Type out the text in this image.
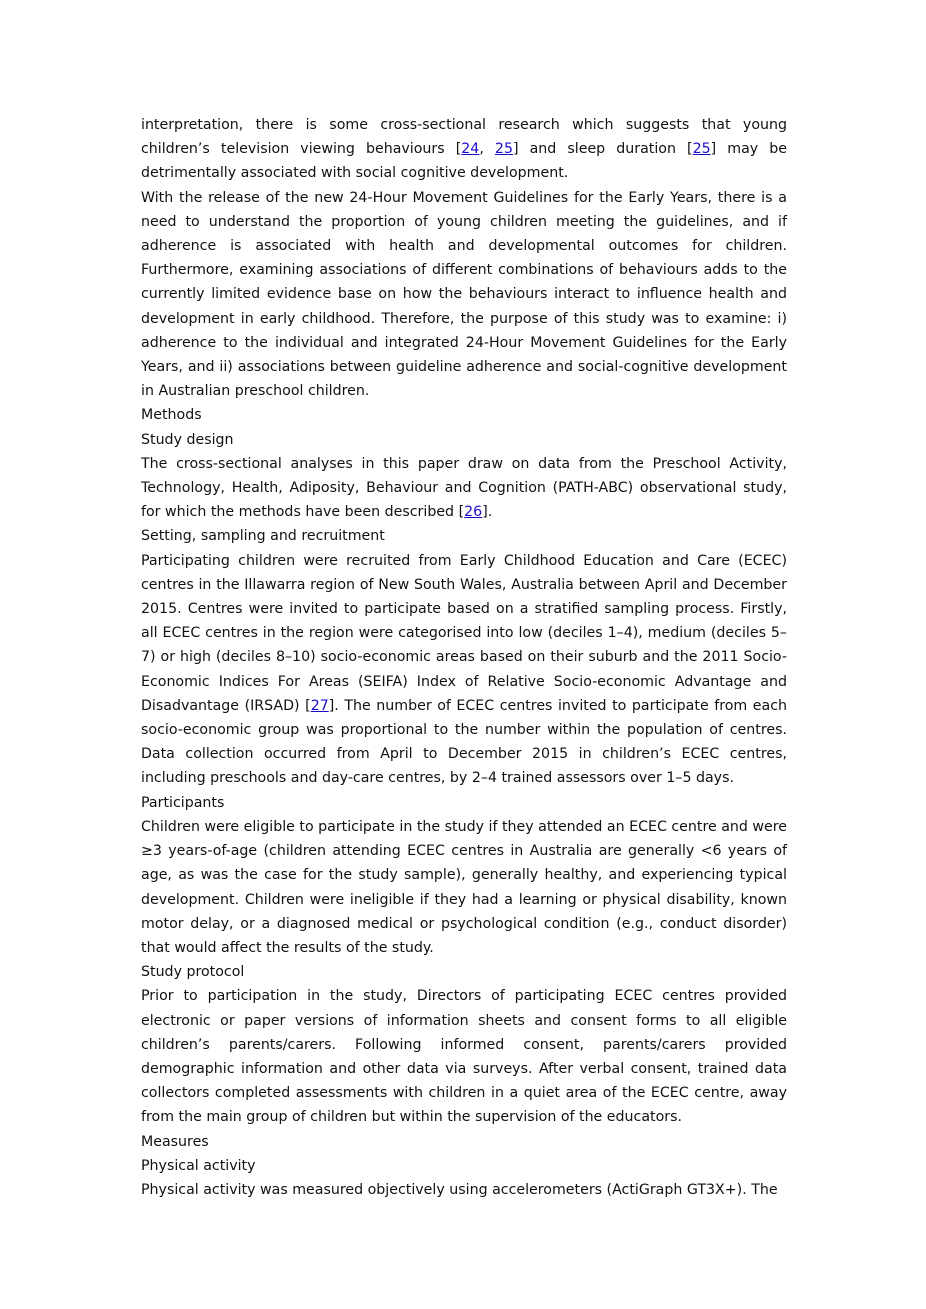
interpretation, there is some cross-sectional research which suggests that young children’s television viewing behaviours [24, 25] and sleep duration [25] may be detrimentally associated with social cognitive development.

With the release of the new 24-Hour Movement Guidelines for the Early Years, there is a need to understand the proportion of young children meeting the guidelines, and if adherence is associated with health and developmental outcomes for children. Furthermore, examining associations of different combinations of behaviours adds to the currently limited evidence base on how the behaviours interact to influence health and development in early childhood. Therefore, the purpose of this study was to examine: i) adherence to the individual and integrated 24-Hour Movement Guidelines for the Early Years, and ii) associations between guideline adherence and social-cognitive development in Australian preschool children.

Methods

Study design

The cross-sectional analyses in this paper draw on data from the Preschool Activity, Technology, Health, Adiposity, Behaviour and Cognition (PATH-ABC) observational study, for which the methods have been described [26].

Setting, sampling and recruitment

Participating children were recruited from Early Childhood Education and Care (ECEC) centres in the Illawarra region of New South Wales, Australia between April and December 2015. Centres were invited to participate based on a stratified sampling process. Firstly, all ECEC centres in the region were categorised into low (deciles 1–4), medium (deciles 5–7) or high (deciles 8–10) socio-economic areas based on their suburb and the 2011 Socio-Economic Indices For Areas (SEIFA) Index of Relative Socio-economic Advantage and Disadvantage (IRSAD) [27]. The number of ECEC centres invited to participate from each socio-economic group was proportional to the number within the population of centres. Data collection occurred from April to December 2015 in children’s ECEC centres, including preschools and day-care centres, by 2–4 trained assessors over 1–5 days.

Participants

Children were eligible to participate in the study if they attended an ECEC centre and were ≥3 years-of-age (children attending ECEC centres in Australia are generally <6 years of age, as was the case for the study sample), generally healthy, and experiencing typical development. Children were ineligible if they had a learning or physical disability, known motor delay, or a diagnosed medical or psychological condition (e.g., conduct disorder) that would affect the results of the study.

Study protocol

Prior to participation in the study, Directors of participating ECEC centres provided electronic or paper versions of information sheets and consent forms to all eligible children’s parents/carers. Following informed consent, parents/carers provided demographic information and other data via surveys. After verbal consent, trained data collectors completed assessments with children in a quiet area of the ECEC centre, away from the main group of children but within the supervision of the educators.

Measures

Physical activity

Physical activity was measured objectively using accelerometers (ActiGraph GT3X+). The
